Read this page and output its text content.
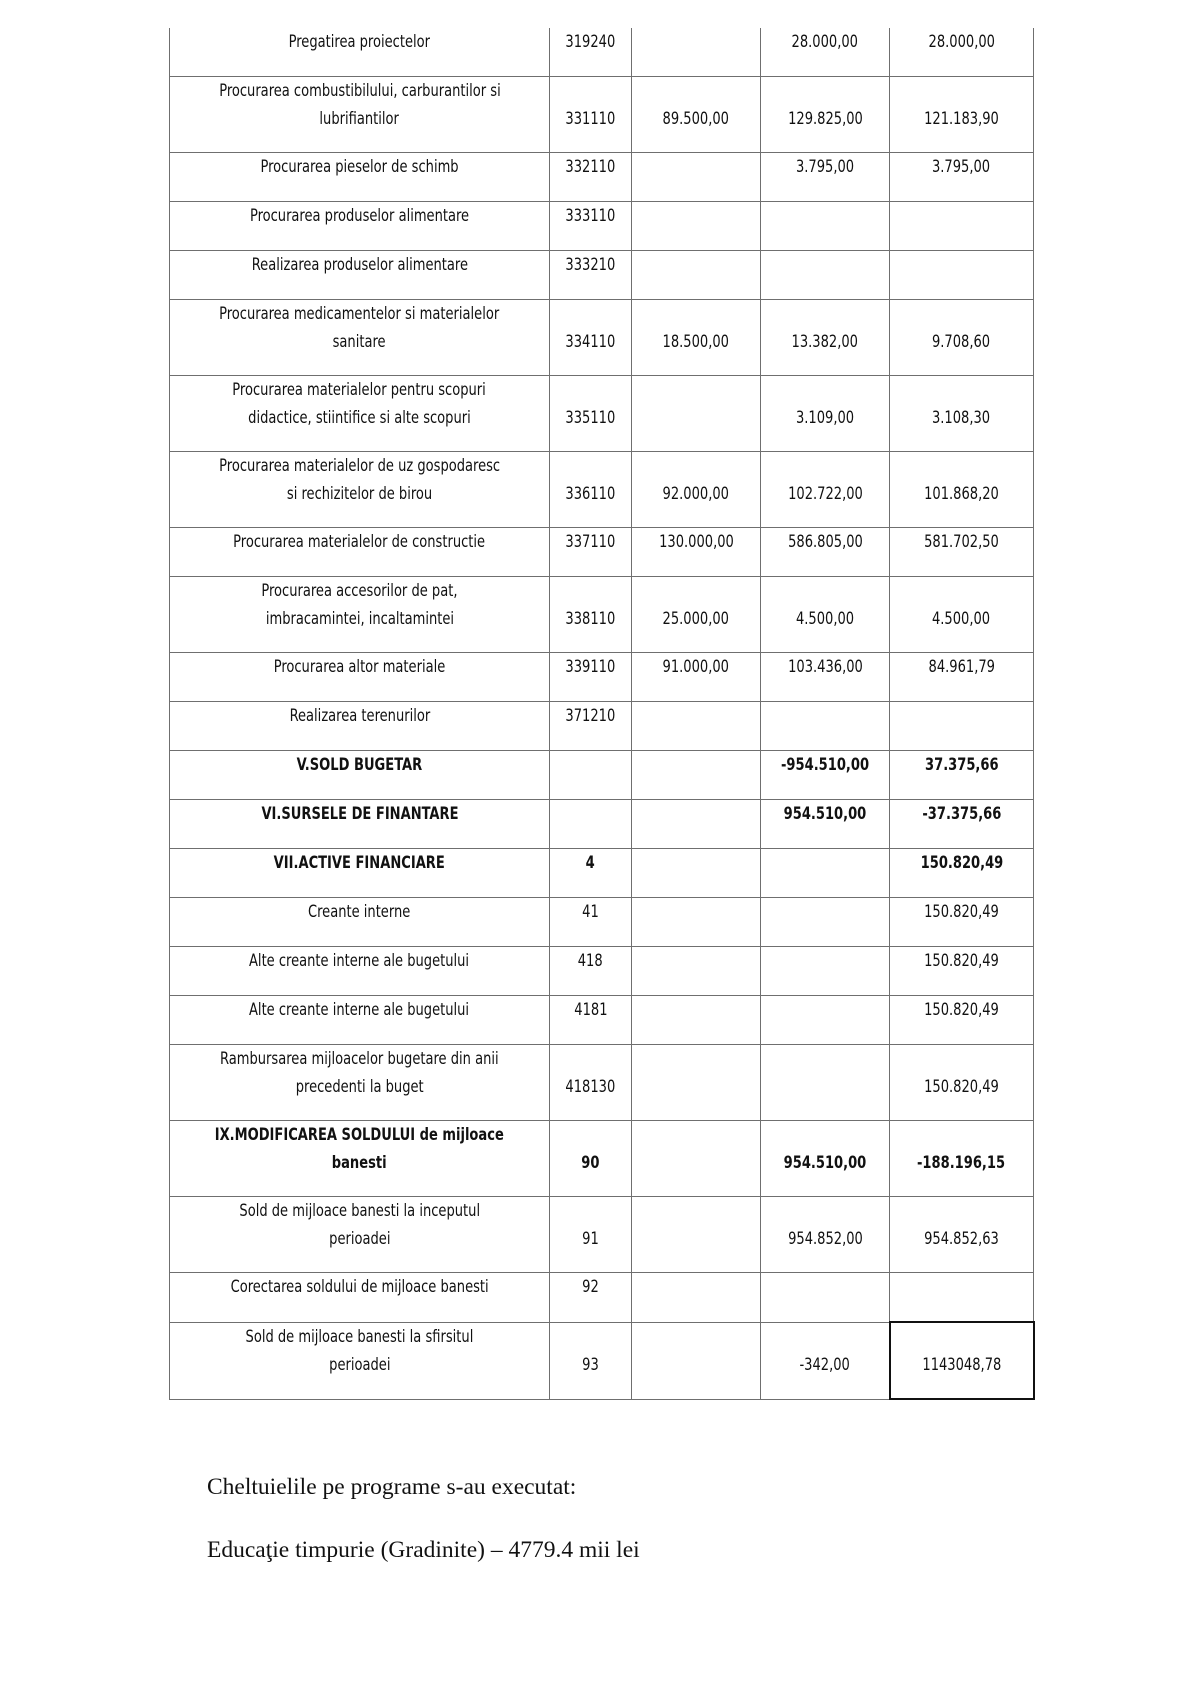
Pregatirea proiectelor	319240		28.000,00	28.000,00

Procurarea combustibilului, carburantilor si
lubrifiantilor	331110	89.500,00	129.825,00	121.183,90

Procurarea pieselor de schimb	332110		3.795,00	3.795,00

Procurarea produselor alimentare	333110			

Realizarea produselor alimentare	333210			

Procurarea medicamentelor si materialelor
sanitare	334110	18.500,00	13.382,00	9.708,60

Procurarea materialelor pentru scopuri
didactice, stiintifice si alte scopuri	335110		3.109,00	3.108,30

Procurarea materialelor de uz gospodaresc
si rechizitelor de birou	336110	92.000,00	102.722,00	101.868,20

Procurarea materialelor de constructie	337110	130.000,00	586.805,00	581.702,50

Procurarea accesorilor de pat,
imbracamintei, incaltamintei	338110	25.000,00	4.500,00	4.500,00

Procurarea altor materiale	339110	91.000,00	103.436,00	84.961,79

Realizarea terenurilor	371210			

V.SOLD BUGETAR			-954.510,00	37.375,66

VI.SURSELE DE FINANTARE			954.510,00	-37.375,66

VII.ACTIVE FINANCIARE	4			150.820,49

Creante interne	41			150.820,49

Alte creante interne ale bugetului	418			150.820,49

Alte creante interne ale bugetului	4181			150.820,49

Rambursarea mijloacelor bugetare din anii
precedenti la buget	418130			150.820,49

IX.MODIFICAREA SOLDULUI de mijloace
banesti	90		954.510,00	-188.196,15

Sold de mijloace banesti la inceputul
perioadei	91		954.852,00	954.852,63

Corectarea soldului de mijloace banesti	92			

Sold de mijloace banesti la sfirsitul
perioadei	93		-342,00	1143048,78
Cheltuielile pe programe s-au executat:
Educaţie timpurie (Gradinite) – 4779.4 mii lei
